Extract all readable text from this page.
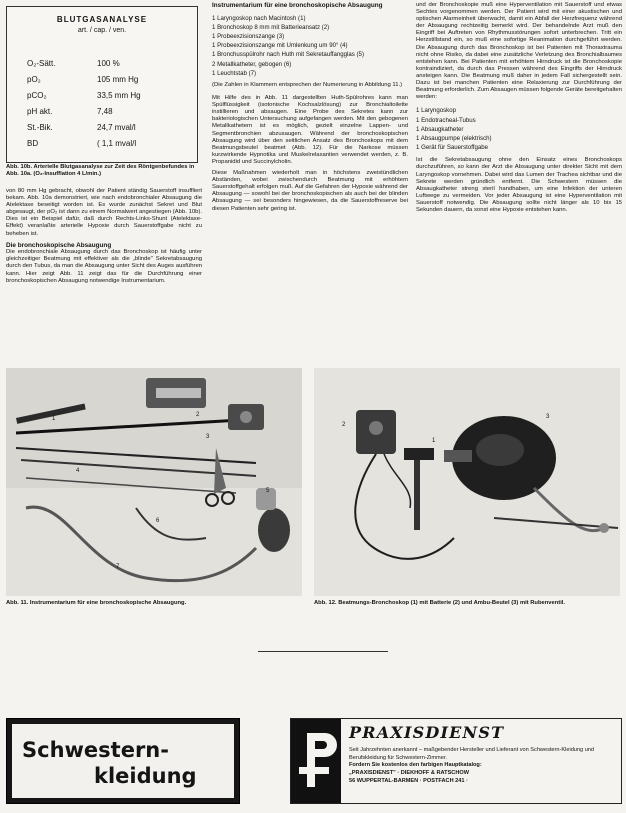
BLUTGASANALYSE
art. / cap. / ven.
O₂-Sätt.	100 %
pO₂	105 mm Hg
pCO₂	33,5 mm Hg
pH akt.	7,48
St.-Bik.	24,7 mval/l
BD	( 1,1 mval/l
Abb. 10b. Arterielle Blutgasanalyse zur Zeit des Röntgenbefundes in Abb. 10a. (O₂-Insufflation 4 L/min.)

von 80 mm Hg gebracht, obwohl der Patient ständig Sauerstoff insuffliert bekam. Abb. 10a demonstriert, wie nach endobronchialer Absaugung die Atelektase beseitigt worden ist. Es wurde zunächst Sekret und Blut abgesaugt, der pO₂ ist dann zu einem Normalwert angestiegen (Abb. 10b). Dies ist ein Beispiel dafür, daß durch Rechts-Links-Shunt (Atelektase-Effekt) veranlaßte arterielle Hypoxie durch Sauerstoffgabe nicht zu beheben ist.

Die bronchoskopische Absaugung

Die endobronchiale Absaugung durch das Bronchoskop ist häufig unter gleichzeitiger Beatmung mit effektiver als die „blinde" Sekretabsaugung durch den Tubus, da man die Absaugung unter Sicht des Auges ausführen kann. Hier zeigt Abb. 11 zeigt das für die Durchführung einer bronchoskopischen Absaugung notwendige Instrumentarium.

Instrumentarium für eine bronchoskopische Absaugung
1 Laryngoskop nach Macintosh (1)
1 Bronchoskop 8 mm mit Batterieansatz (2)
1 Probeexzisionszange (3)
1 Probeexzisionszange mit Umlenkung um 90° (4)
1 Bronchusspülrohr nach Huth mit Sekretauffangglas (5)
2 Metallkatheter, gebogen (6)
1 Leuchtstab (7)
(Die Zahlen in Klammern entsprechen der Numerierung in Abbildung 11.)
Mit Hilfe des in Abb. 11 dargestellten Huth-Spülrohres kann man Spülflüssigkeit (isotonische Kochsalzlösung) zur Bronchialtoilette instillieren und absaugen. Eine Probe des Sekretes kann zur bakteriologischen Untersuchung aufgefangen werden. Mit den gebogenen Metallkathetern ist es möglich, gezielt einzelne Lappen- und Segmentbronchien abzusaugen. Während der bronchoskopischen Absaugung wird über den seitlichen Ansatz des Bronchoskops mit dem Beatmungsbeutel beatmet (Abb. 12). Für die Narkose müssen kurzwirkende Hypnotika und Muskelrelaxantien verwendet werden, z. B. Propanidid und Succinylcholin.
Diese Maßnahmen wiederholt man in höchstens zweistündlichen Abständen, wobei zwischendurch Beatmung mit erhöhtem Sauerstoffgehalt erfolgen muß. Auf die Gefahren der Hypoxie während der Absaugung — sowohl bei der bronchoskopischen als auch bei der blinden Absaugung — sei besonders hingewiesen, da die Sauerstoffreserve bei diesen Patienten sehr gering ist.
und der Bronchoskopie muß eine Hyperventilation mit Sauerstoff und etwas Sechtes vorgenommen werden. Der Patient wird mit einer akustischen und optischen Alarmeinheit überwacht, damit ein Abfall der Herzfrequenz während der Absaugung rechtzeitig bemerkt wird. Der behandelnde Arzt muß den Eingriff bei Auftreten von Rhythmusstörungen sofort unterbrechen. Tritt ein Herzstillstand ein, so muß eine sofortige Reanimation durchgeführt werden. Die Absaugung durch das Bronchoskop ist bei Patienten mit Thoraxtrauma nicht ohne Risiko, da dabei eine zusätzliche Verletzung des Bronchialbaumes entstehen kann. Bei Patienten mit erhöhtem Hirndruck ist die Bronchoskopie kontraindiziert, da durch das Pressen während des Eingriffs der Hirndruck ansteigen kann. Die Beatmung muß daher in jedem Fall sichergestellt sein. Dazu ist bei manchen Patienten eine Relaxierung zur Durchführung der Beatmung erforderlich. Zum Absaugen müssen folgende Geräte bereitgehalten werden:
1 Laryngoskop
1 Endotracheal-Tubus
1 Absaugkatheter
1 Absaugpumpe (elektrisch)
1 Gerät für Sauerstoffgabe
Ist die Sekretabsaugung ohne den Einsatz eines Bronchoskops durchzuführen, so kann der Arzt die Absaugung unter direkter Sicht mit dem Laryngoskop vornehmen. Dabei wird das Lumen der Trachea sichtbar und die Sekrete werden gründlich entfernt. Die Schwestern müssen die Absaugkatheter streng steril handhaben, um eine Infektion der unteren Luftwege zu vermeiden. Vor jeder Absaugung ist eine Hyperventilation mit Sauerstoff notwendig. Die Absaugung sollte nicht länger als 10 bis 15 Sekunden dauern, da sonst eine Hypoxie entstehen kann.
1
2
3
4
5
6
7
Abb. 11. Instrumentarium für eine bronchoskopische Absaugung.
2
1
3
Abb. 12. Beatmungs-Bronchoskop (1) mit Batterie (2) und Ambu-Beutel (3) mit Rubenventil.
Schwestern-
kleidung
PRAXISDIENST
Seit Jahrzehnten anerkannt – maßgebender Hersteller und Lieferant von Schwestern-Kleidung und Berufskleidung für Schwestern-Zimmer.
Fordern Sie kostenlos den farbigen Hauptkatalog:
„PRAXISDIENST" · DIEKHOFF & RATSCHOW
56 WUPPERTAL-BARMEN · POSTFACH 241 ·
